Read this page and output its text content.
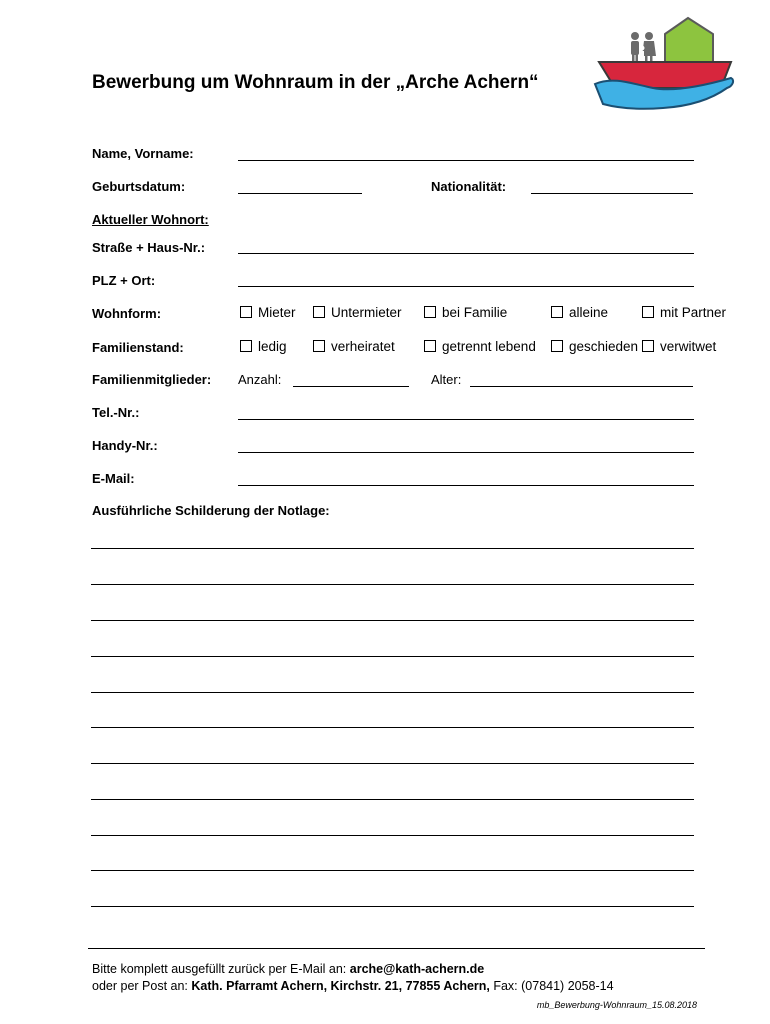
Bewerbung um Wohnraum in der „Arche Achern“
Name, Vorname:
Geburtsdatum:	Nationalität:
Aktueller Wohnort:
Straße + Haus-Nr.:
PLZ + Ort:
Wohnform:	Mieter	Untermieter	bei Familie	alleine	mit Partner
Familienstand:	ledig	verheiratet	getrennt lebend	geschieden	verwitwet
Familienmitglieder: Anzahl:	Alter:
Tel.-Nr.:
Handy-Nr.:
E-Mail:
Ausführliche Schilderung der Notlage:
Bitte komplett ausgefüllt zurück per E-Mail an: arche@kath-achern.de
oder per Post an: Kath. Pfarramt Achern, Kirchstr. 21, 77855 Achern, Fax: (07841) 2058-14
mb_Bewerbung-Wohnraum_15.08.2018
